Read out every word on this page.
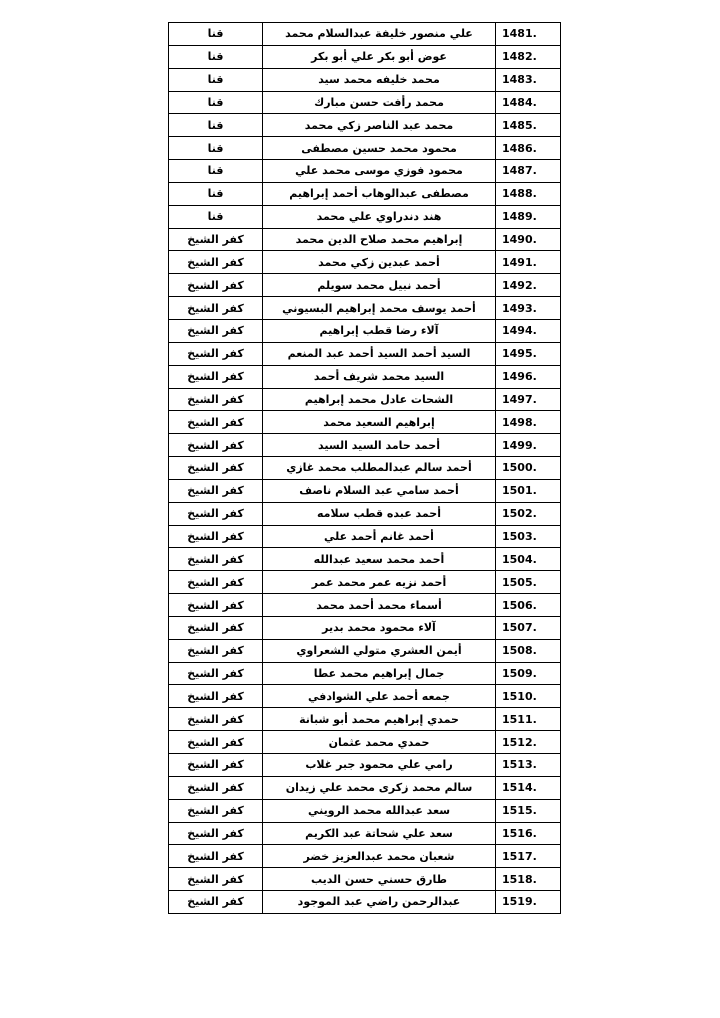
قنا	علي منصور خليفة عبدالسلام محمد	1481.
قنا	عوض أبو بكر علي أبو بكر	1482.
قنا	محمد خليفه محمد سيد	1483.
قنا	محمد رأفت حسن مبارك	1484.
قنا	محمد عبد الناصر زكي محمد	1485.
قنا	محمود محمد حسين مصطفى	1486.
قنا	محمود فوزي موسى محمد علي	1487.
قنا	مصطفى عبدالوهاب أحمد إبراهيم	1488.
قنا	هند دندراوي علي محمد	1489.
كفر الشيخ	إبراهيم محمد صلاح الدين محمد	1490.
كفر الشيخ	أحمد عبدين زكي محمد	1491.
كفر الشيخ	أحمد نبيل محمد سويلم	1492.
كفر الشيخ	أحمد يوسف محمد إبراهيم البسيوني	1493.
كفر الشيخ	آلاء رضا قطب إبراهيم	1494.
كفر الشيخ	السيد أحمد السيد أحمد عبد المنعم	1495.
كفر الشيخ	السيد محمد شريف أحمد	1496.
كفر الشيخ	الشحات عادل محمد إبراهيم	1497.
كفر الشيخ	إبراهيم السعيد محمد	1498.
كفر الشيخ	أحمد حامد السيد السيد	1499.
كفر الشيخ	أحمد سالم عبدالمطلب محمد غازي	1500.
كفر الشيخ	أحمد سامي عبد السلام ناصف	1501.
كفر الشيخ	أحمد عبده قطب سلامه	1502.
كفر الشيخ	أحمد غانم أحمد علي	1503.
كفر الشيخ	أحمد محمد سعيد عبدالله	1504.
كفر الشيخ	أحمد نزيه عمر محمد عمر	1505.
كفر الشيخ	أسماء محمد أحمد محمد	1506.
كفر الشيخ	آلاء محمود محمد بدير	1507.
كفر الشيخ	أيمن العشري متولي الشعراوي	1508.
كفر الشيخ	جمال إبراهيم محمد عطا	1509.
كفر الشيخ	جمعه أحمد علي الشوادفي	1510.
كفر الشيخ	حمدي إبراهيم محمد أبو شبانة	1511.
كفر الشيخ	حمدي محمد عثمان	1512.
كفر الشيخ	رامي علي محمود جبر غلاب	1513.
كفر الشيخ	سالم محمد زكرى محمد علي زيدان	1514.
كفر الشيخ	سعد عبدالله محمد الرويني	1515.
كفر الشيخ	سعد علي شحاتة عبد الكريم	1516.
كفر الشيخ	شعبان محمد عبدالعزيز خضر	1517.
كفر الشيخ	طارق حسني حسن الديب	1518.
كفر الشيخ	عبدالرحمن راضي عبد الموجود	1519.
